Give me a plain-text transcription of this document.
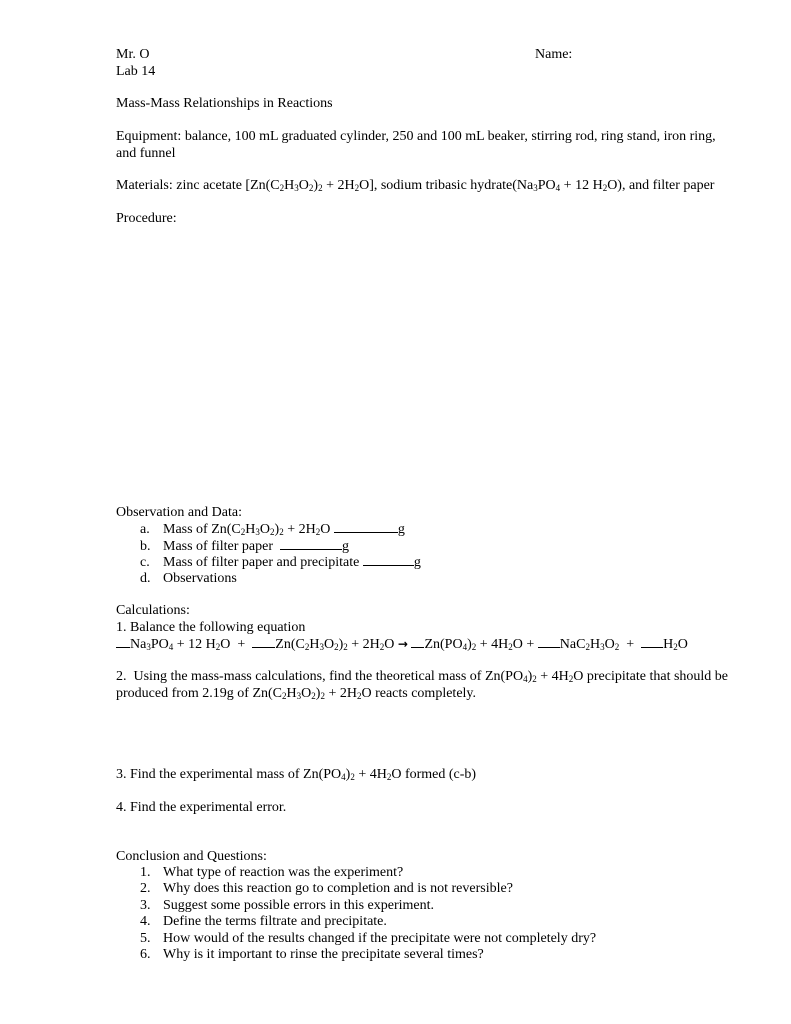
Mr. O	Name:
Lab 14
Mass-Mass Relationships in Reactions
Equipment: balance, 100 mL graduated cylinder, 250 and 100 mL beaker, stirring rod, ring stand, iron ring,
and funnel
Materials: zinc acetate $[Zn(C_2H_3O_2)_2 + 2H_2O]$, sodium tribasic $hydrate(Na_3PO_4 + 12$ $H_2O$), and filter paper
Procedure:
Observation and Data:
a. Mass of $Zn(C_2H_3O_2)_2 + 2H_2O$	g
b. Mass of filter paper	g
c. Mass of filter paper and precipitate	g
d. Observations
Calculations:
1. Balance the following equation
$Na_3PO_4 + 12$ $H_2O + Zn(C_2H_3O_2)_2 + 2H_2O \to Zn(PO_4)_2 + 4H_2O + NaC_2H_3O_2 + H_2O$
2.  Using the mass-mass calculations, find the theoretical mass of $Zn(PO_4)_2 + 4H_2O$ precipitate that should be
produced from 2.19g of $Zn(C_2H_3O_2)_2 + 2H_2O$ reacts completely.
3. Find the experimental mass of $Zn(PO_4)_2 + 4H_2O$ formed (c-b)
4. Find the experimental error.
Conclusion and Questions:
1. What type of reaction was the experiment?
2. Why does this reaction go to completion and is not reversible?
3. Suggest some possible errors in this experiment.
4. Define the terms filtrate and precipitate.
5. How would of the results changed if the precipitate were not completely dry?
6. Why is it important to rinse the precipitate several times?
